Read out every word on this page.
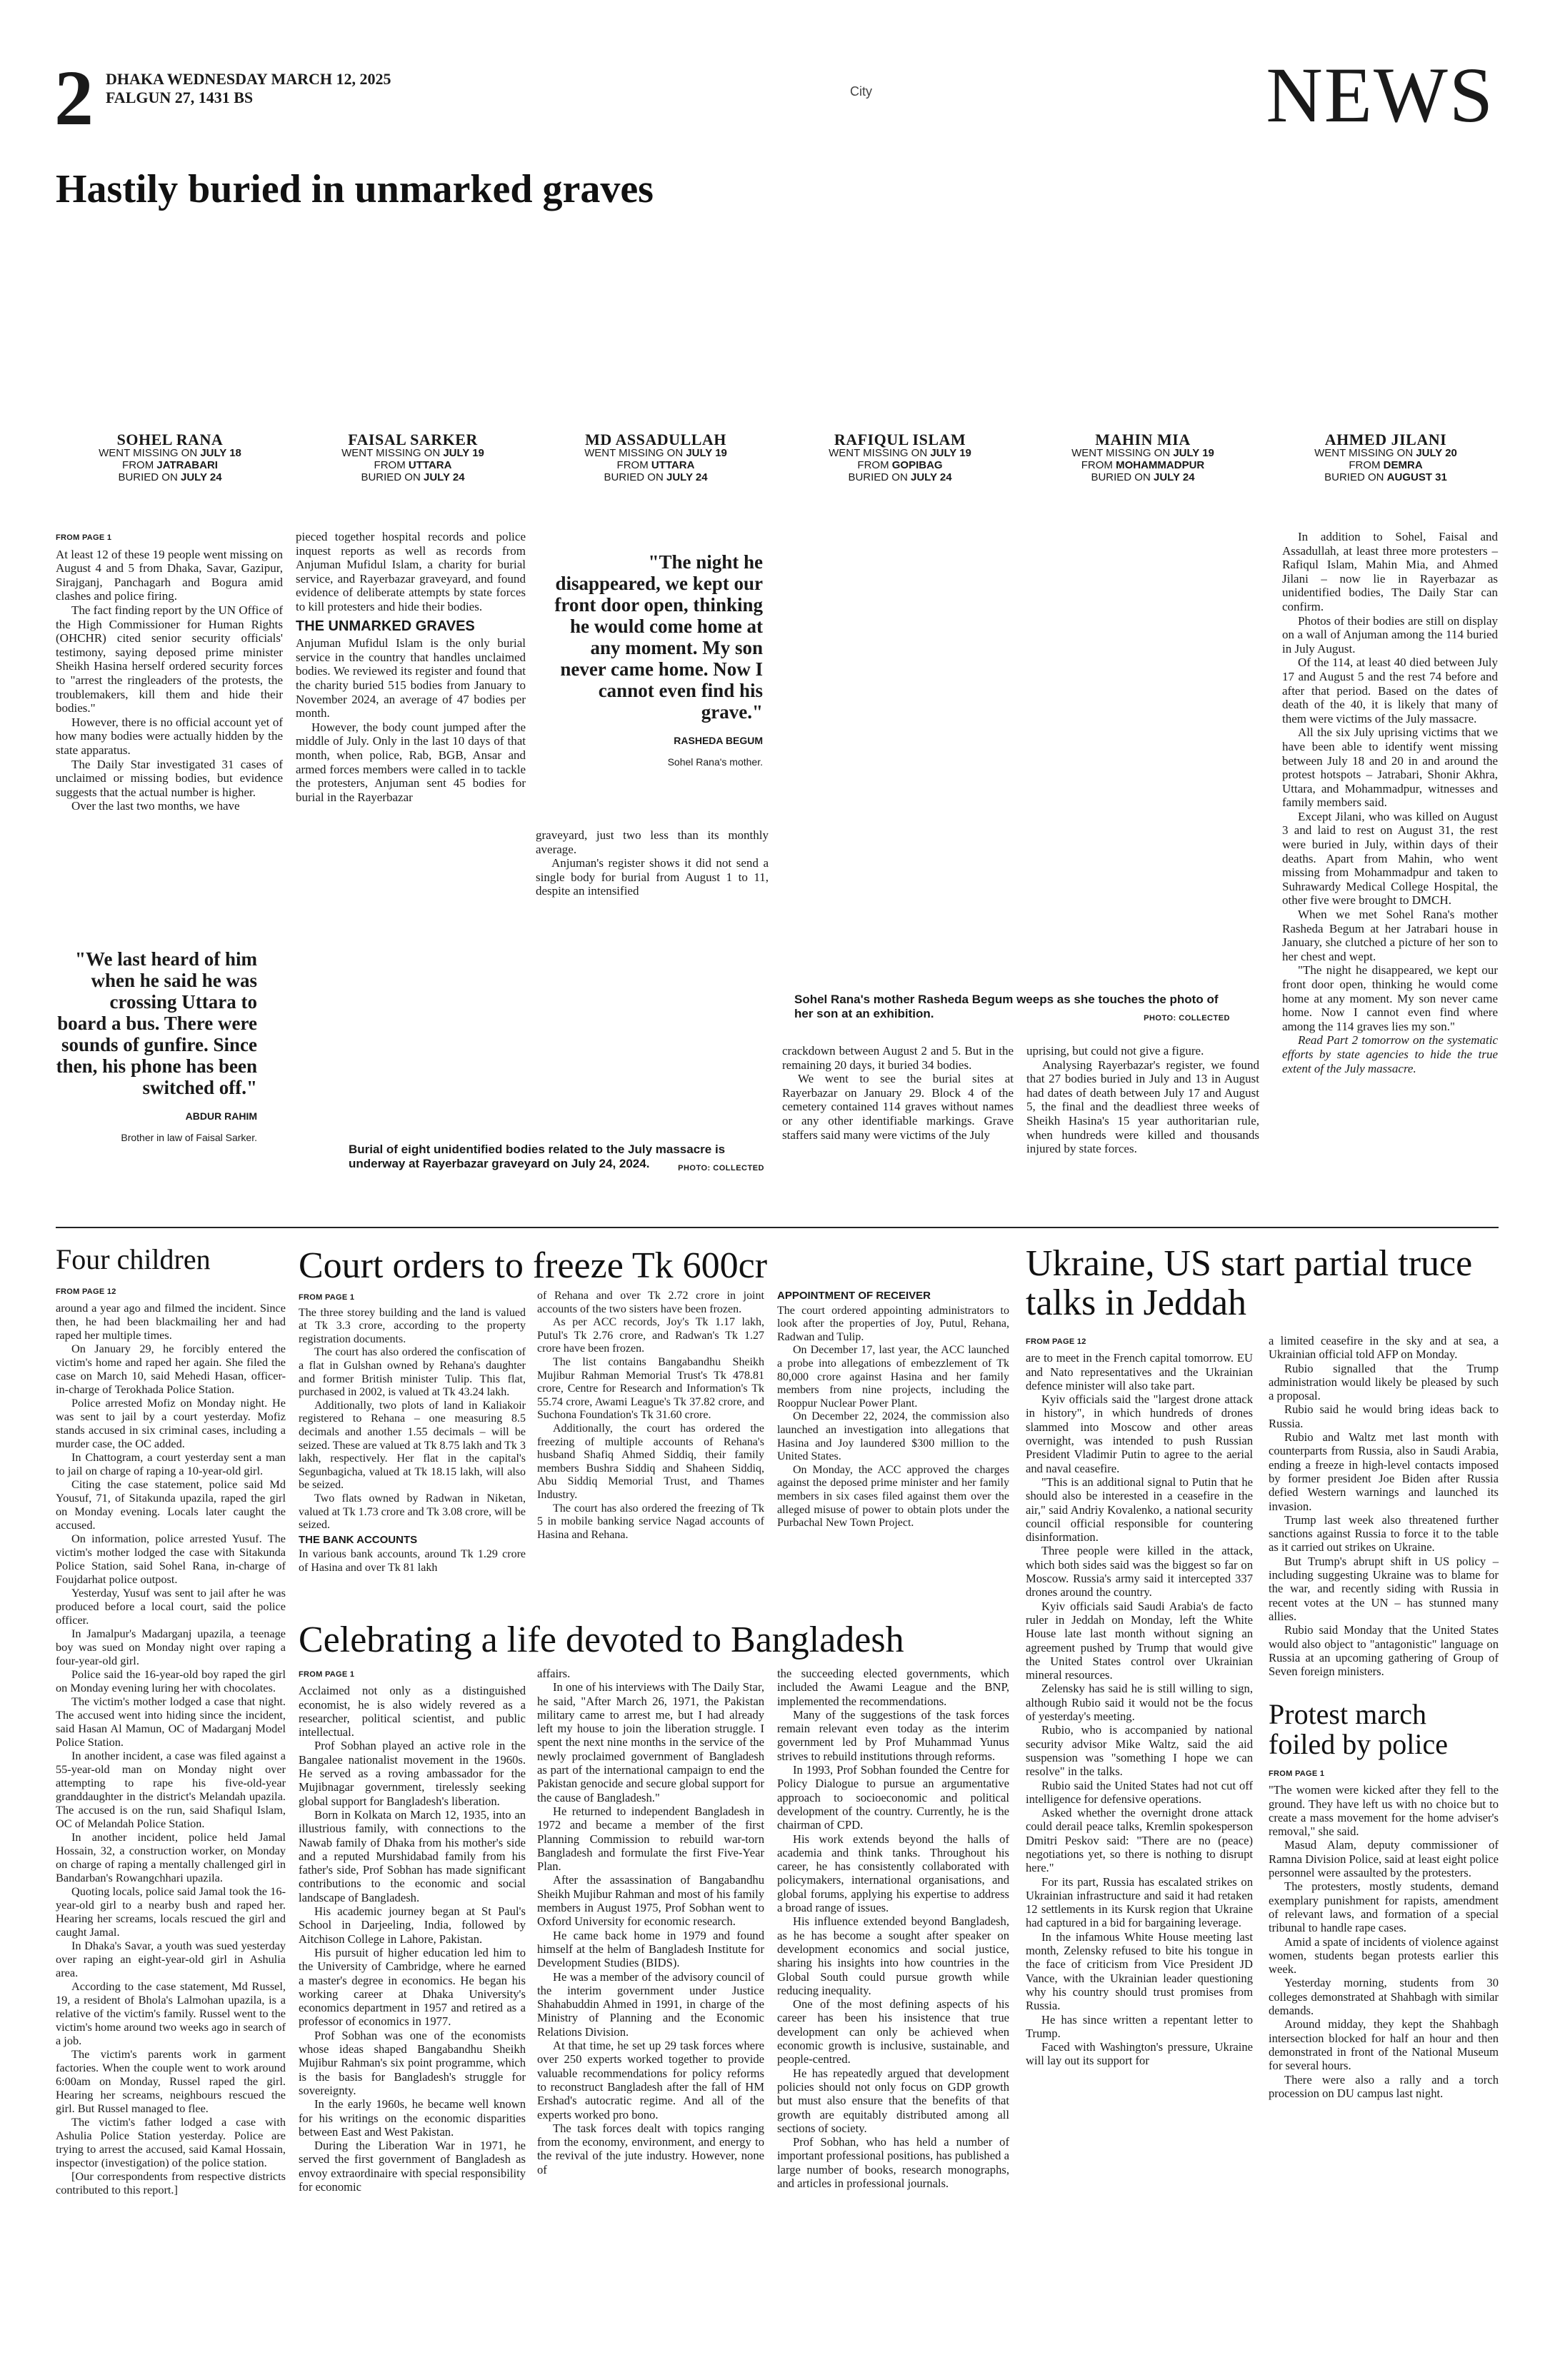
2 DHAKA WEDNESDAY MARCH 12, 2025
FALGUN 27, 1431 BS	City	NEWS
Hastily buried in unmarked graves
SOHEL RANA
WENT MISSING ON JULY 18
FROM JATRABARI
BURIED ON JULY 24
FAISAL SARKER
WENT MISSING ON JULY 19
FROM UTTARA
BURIED ON JULY 24
MD ASSADULLAH
WENT MISSING ON JULY 19
FROM UTTARA
BURIED ON JULY 24
RAFIQUL ISLAM
WENT MISSING ON JULY 19
FROM GOPIBAG
BURIED ON JULY 24
MAHIN MIA
WENT MISSING ON JULY 19
FROM MOHAMMADPUR
BURIED ON JULY 24
AHMED JILANI
WENT MISSING ON JULY 20
FROM DEMRA
BURIED ON AUGUST 31
FROM PAGE 1

At least 12 of these 19 people went missing on August 4 and 5 from Dhaka, Savar, Gazipur, Sirajganj, Panchagarh and Bogura amid clashes and police firing.

The fact finding report by the UN Office of the High Commissioner for Human Rights (OHCHR) cited senior security officials' testimony, saying deposed prime minister Sheikh Hasina herself ordered security forces to "arrest the ringleaders of the protests, the troublemakers, kill them and hide their bodies."

However, there is no official account yet of how many bodies were actually hidden by the state apparatus.

The Daily Star investigated 31 cases of unclaimed or missing bodies, but evidence suggests that the actual number is higher.

Over the last two months, we have

"We last heard of him when he said he was crossing Uttara to board a bus. There were sounds of gunfire. Since then, his phone has been switched off."
ABDUR RAHIM
Brother in law of Faisal Sarker.

pieced together hospital records and police inquest reports as well as records from Anjuman Mufidul Islam, a charity for burial service, and Rayerbazar graveyard, and found evidence of deliberate attempts by state forces to kill protesters and hide their bodies.

THE UNMARKED GRAVES

Anjuman Mufidul Islam is the only burial service in the country that handles unclaimed bodies. We reviewed its register and found that the charity buried 515 bodies from January to November 2024, an average of 47 bodies per month.

However, the body count jumped after the middle of July. Only in the last 10 days of that month, when police, Rab, BGB, Ansar and armed forces members were called in to tackle the protesters, Anjuman sent 45 bodies for burial in the Rayerbazar

"The night he disappeared, we kept our front door open, thinking he would come home at any moment. My son never came home. Now I cannot even find his grave."
RASHEDA BEGUM
Sohel Rana's mother.

graveyard, just two less than its monthly average.

Anjuman's register shows it did not send a single body for burial from August 1 to 11, despite an intensified

Burial of eight unidentified bodies related to the July massacre is underway at Rayerbazar graveyard on July 24, 2024.	PHOTO: COLLECTED
Sohel Rana's mother Rasheda Begum weeps as she touches the photo of her son at an exhibition.	PHOTO: COLLECTED

crackdown between August 2 and 5. But in the remaining 20 days, it buried 34 bodies.

We went to see the burial sites at Rayerbazar on January 29. Block 4 of the cemetery contained 114 graves without names or any other identifiable markings. Grave staffers said many were victims of the July

uprising, but could not give a figure.

Analysing Rayerbazar's register, we found that 27 bodies buried in July and 13 in August had dates of death between July 17 and August 5, the final and the deadliest three weeks of Sheikh Hasina's 15 year authoritarian rule, when hundreds were killed and thousands injured by state forces.

In addition to Sohel, Faisal and Assadullah, at least three more protesters – Rafiqul Islam, Mahin Mia, and Ahmed Jilani – now lie in Rayerbazar as unidentified bodies, The Daily Star can confirm.

Photos of their bodies are still on display on a wall of Anjuman among the 114 buried in July August.

Of the 114, at least 40 died between July 17 and August 5 and the rest 74 before and after that period. Based on the dates of death of the 40, it is likely that many of them were victims of the July massacre.

All the six July uprising victims that we have been able to identify went missing between July 18 and 20 in and around the protest hotspots – Jatrabari, Shonir Akhra, Uttara, and Mohammadpur, witnesses and family members said.

Except Jilani, who was killed on August 3 and laid to rest on August 31, the rest were buried in July, within days of their deaths. Apart from Mahin, who went missing from Mohammadpur and taken to Suhrawardy Medical College Hospital, the other five were brought to DMCH.

When we met Sohel Rana's mother Rasheda Begum at her Jatrabari house in January, she clutched a picture of her son to her chest and wept.

"The night he disappeared, we kept our front door open, thinking he would come home at any moment. My son never came home. Now I cannot even find where among the 114 graves lies my son."

Read Part 2 tomorrow on the systematic efforts by state agencies to hide the true extent of the July massacre.

Four children
FROM PAGE 12

around a year ago and filmed the incident. Since then, he had been blackmailing her and had raped her multiple times.

On January 29, he forcibly entered the victim's home and raped her again. She filed the case on March 10, said Mehedi Hasan, officer-in-charge of Terokhada Police Station.

Police arrested Mofiz on Monday night. He was sent to jail by a court yesterday. Mofiz stands accused in six criminal cases, including a murder case, the OC added.

In Chattogram, a court yesterday sent a man to jail on charge of raping a 10-year-old girl.

Citing the case statement, police said Md Yousuf, 71, of Sitakunda upazila, raped the girl on Monday evening. Locals later caught the accused.

On information, police arrested Yusuf. The victim's mother lodged the case with Sitakunda Police Station, said Sohel Rana, in-charge of Foujdarhat police outpost.

Yesterday, Yusuf was sent to jail after he was produced before a local court, said the police officer.

In Jamalpur's Madarganj upazila, a teenage boy was sued on Monday night over raping a four-year-old girl.

Police said the 16-year-old boy raped the girl on Monday evening luring her with chocolates.

The victim's mother lodged a case that night. The accused went into hiding since the incident, said Hasan Al Mamun, OC of Madarganj Model Police Station.

In another incident, a case was filed against a 55-year-old man on Monday night over attempting to rape his five-old-year granddaughter in the district's Melandah upazila. The accused is on the run, said Shafiqul Islam, OC of Melandah Police Station.

In another incident, police held Jamal Hossain, 32, a construction worker, on Monday on charge of raping a mentally challenged girl in Bandarban's Rowangchhari upazila.

Quoting locals, police said Jamal took the 16-year-old girl to a nearby bush and raped her. Hearing her screams, locals rescued the girl and caught Jamal.

In Dhaka's Savar, a youth was sued yesterday over raping an eight-year-old girl in Ashulia area.

According to the case statement, Md Russel, 19, a resident of Bhola's Lalmohan upazila, is a relative of the victim's family. Russel went to the victim's home around two weeks ago in search of a job.

The victim's parents work in garment factories. When the couple went to work around 6:00am on Monday, Russel raped the girl. Hearing her screams, neighbours rescued the girl. But Russel managed to flee.

The victim's father lodged a case with Ashulia Police Station yesterday. Police are trying to arrest the accused, said Kamal Hossain, inspector (investigation) of the police station.

[Our correspondents from respective districts contributed to this report.]

Court orders to freeze Tk 600cr
FROM PAGE 1

The three storey building and the land is valued at Tk 3.3 crore, according to the property registration documents.

The court has also ordered the confiscation of a flat in Gulshan owned by Rehana's daughter and former British minister Tulip. This flat, purchased in 2002, is valued at Tk 43.24 lakh.

Additionally, two plots of land in Kaliakoir registered to Rehana – one measuring 8.5 decimals and another 1.55 decimals – will be seized. These are valued at Tk 8.75 lakh and Tk 3 lakh, respectively. Her flat in the capital's Segunbagicha, valued at Tk 18.15 lakh, will also be seized.

Two flats owned by Radwan in Niketan, valued at Tk 1.73 crore and Tk 3.08 crore, will be seized.

THE BANK ACCOUNTS

In various bank accounts, around Tk 1.29 crore of Hasina and over Tk 81 lakh

of Rehana and over Tk 2.72 crore in joint accounts of the two sisters have been frozen.

As per ACC records, Joy's Tk 1.17 lakh, Putul's Tk 2.76 crore, and Radwan's Tk 1.27 crore have been frozen.

The list contains Bangabandhu Sheikh Mujibur Rahman Memorial Trust's Tk 478.81 crore, Centre for Research and Information's Tk 55.74 crore, Awami League's Tk 37.82 crore, and Suchona Foundation's Tk 31.60 crore.

Additionally, the court has ordered the freezing of multiple accounts of Rehana's husband Shafiq Ahmed Siddiq, their family members Bushra Siddiq and Shaheen Siddiq, Abu Siddiq Memorial Trust, and Thames Industry.

The court has also ordered the freezing of Tk 5 in mobile banking service Nagad accounts of Hasina and Rehana.

APPOINTMENT OF RECEIVER

The court ordered appointing administrators to look after the properties of Joy, Putul, Rehana, Radwan and Tulip.

On December 17, last year, the ACC launched a probe into allegations of embezzlement of Tk 80,000 crore against Hasina and her family members from nine projects, including the Rooppur Nuclear Power Plant.

On December 22, 2024, the commission also launched an investigation into allegations that Hasina and Joy laundered $300 million to the United States.

On Monday, the ACC approved the charges against the deposed prime minister and her family members in six cases filed against them over the alleged misuse of power to obtain plots under the Purbachal New Town Project.

Celebrating a life devoted to Bangladesh
FROM PAGE 1

Acclaimed not only as a distinguished economist, he is also widely revered as a researcher, political scientist, and public intellectual.

Prof Sobhan played an active role in the Bangalee nationalist movement in the 1960s. He served as a roving ambassador for the Mujibnagar government, tirelessly seeking global support for Bangladesh's liberation.

Born in Kolkata on March 12, 1935, into an illustrious family, with connections to the Nawab family of Dhaka from his mother's side and a reputed Murshidabad family from his father's side, Prof Sobhan has made significant contributions to the economic and social landscape of Bangladesh.

His academic journey began at St Paul's School in Darjeeling, India, followed by Aitchison College in Lahore, Pakistan.

His pursuit of higher education led him to the University of Cambridge, where he earned a master's degree in economics. He began his working career at Dhaka University's economics department in 1957 and retired as a professor of economics in 1977.

Prof Sobhan was one of the economists whose ideas shaped Bangabandhu Sheikh Mujibur Rahman's six point programme, which is the basis for Bangladesh's struggle for sovereignty.

In the early 1960s, he became well known for his writings on the economic disparities between East and West Pakistan.

During the Liberation War in 1971, he served the first government of Bangladesh as envoy extraordinaire with special responsibility for economic

affairs.

In one of his interviews with The Daily Star, he said, "After March 26, 1971, the Pakistan military came to arrest me, but I had already left my house to join the liberation struggle. I spent the next nine months in the service of the newly proclaimed government of Bangladesh as part of the international campaign to end the Pakistan genocide and secure global support for the cause of Bangladesh."

He returned to independent Bangladesh in 1972 and became a member of the first Planning Commission to rebuild war-torn Bangladesh and formulate the first Five-Year Plan.

After the assassination of Bangabandhu Sheikh Mujibur Rahman and most of his family members in August 1975, Prof Sobhan went to Oxford University for economic research.

He came back home in 1979 and found himself at the helm of Bangladesh Institute for Development Studies (BIDS).

He was a member of the advisory council of the interim government under Justice Shahabuddin Ahmed in 1991, in charge of the Ministry of Planning and the Economic Relations Division.

At that time, he set up 29 task forces where over 250 experts worked together to provide valuable recommendations for policy reforms to reconstruct Bangladesh after the fall of HM Ershad's autocratic regime. And all of the experts worked pro bono.

The task forces dealt with topics ranging from the economy, environment, and energy to the revival of the jute industry. However, none of

the succeeding elected governments, which included the Awami League and the BNP, implemented the recommendations.

Many of the suggestions of the task forces remain relevant even today as the interim government led by Prof Muhammad Yunus strives to rebuild institutions through reforms.

In 1993, Prof Sobhan founded the Centre for Policy Dialogue to pursue an argumentative approach to socioeconomic and political development of the country. Currently, he is the chairman of CPD.

His work extends beyond the halls of academia and think tanks. Throughout his career, he has consistently collaborated with policymakers, international organisations, and global forums, applying his expertise to address a broad range of issues.

His influence extended beyond Bangladesh, as he has become a sought after speaker on development economics and social justice, sharing his insights into how countries in the Global South could pursue growth while reducing inequality.

One of the most defining aspects of his career has been his insistence that true development can only be achieved when economic growth is inclusive, sustainable, and people-centred.

He has repeatedly argued that development policies should not only focus on GDP growth but must also ensure that the benefits of that growth are equitably distributed among all sections of society.

Prof Sobhan, who has held a number of important professional positions, has published a large number of books, research monographs, and articles in professional journals.

Ukraine, US start partial truce talks in Jeddah
FROM PAGE 12

are to meet in the French capital tomorrow. EU and Nato representatives and the Ukrainian defence minister will also take part.

Kyiv officials said the "largest drone attack in history", in which hundreds of drones slammed into Moscow and other areas overnight, was intended to push Russian President Vladimir Putin to agree to the aerial and naval ceasefire.

"This is an additional signal to Putin that he should also be interested in a ceasefire in the air," said Andriy Kovalenko, a national security council official responsible for countering disinformation.

Three people were killed in the attack, which both sides said was the biggest so far on Moscow. Russia's army said it intercepted 337 drones around the country.

Kyiv officials said Saudi Arabia's de facto ruler in Jeddah on Monday, left the White House late last month without signing an agreement pushed by Trump that would give the United States control over Ukrainian mineral resources.

Zelensky has said he is still willing to sign, although Rubio said it would not be the focus of yesterday's meeting.

Rubio, who is accompanied by national security advisor Mike Waltz, said the aid suspension was "something I hope we can resolve" in the talks.

Rubio said the United States had not cut off intelligence for defensive operations.

Asked whether the overnight drone attack could derail peace talks, Kremlin spokesperson Dmitri Peskov said: "There are no (peace) negotiations yet, so there is nothing to disrupt here."

For its part, Russia has escalated strikes on Ukrainian infrastructure and said it had retaken 12 settlements in its Kursk region that Ukraine had captured in a bid for bargaining leverage.

In the infamous White House meeting last month, Zelensky refused to bite his tongue in the face of criticism from Vice President JD Vance, with the Ukrainian leader questioning why his country should trust promises from Russia.

He has since written a repentant letter to Trump.

Faced with Washington's pressure, Ukraine will lay out its support for

a limited ceasefire in the sky and at sea, a Ukrainian official told AFP on Monday.

Rubio signalled that the Trump administration would likely be pleased by such a proposal.

Rubio said he would bring ideas back to Russia.

Rubio and Waltz met last month with counterparts from Russia, also in Saudi Arabia, ending a freeze in high-level contacts imposed by former president Joe Biden after Russia defied Western warnings and launched its invasion.

Trump last week also threatened further sanctions against Russia to force it to the table as it carried out strikes on Ukraine.

But Trump's abrupt shift in US policy – including suggesting Ukraine was to blame for the war, and recently siding with Russia in recent votes at the UN – has stunned many allies.

Rubio said Monday that the United States would also object to "antagonistic" language on Russia at an upcoming gathering of Group of Seven foreign ministers.

Protest march foiled by police
FROM PAGE 1

"The women were kicked after they fell to the ground. They have left us with no choice but to create a mass movement for the home adviser's removal," she said.

Masud Alam, deputy commissioner of Ramna Division Police, said at least eight police personnel were assaulted by the protesters.

The protesters, mostly students, demand exemplary punishment for rapists, amendment of relevant laws, and formation of a special tribunal to handle rape cases.

Amid a spate of incidents of violence against women, students began protests earlier this week.

Yesterday morning, students from 30 colleges demonstrated at Shahbagh with similar demands.

Around midday, they kept the Shahbagh intersection blocked for half an hour and then demonstrated in front of the National Museum for several hours.

There were also a rally and a torch procession on DU campus last night.
